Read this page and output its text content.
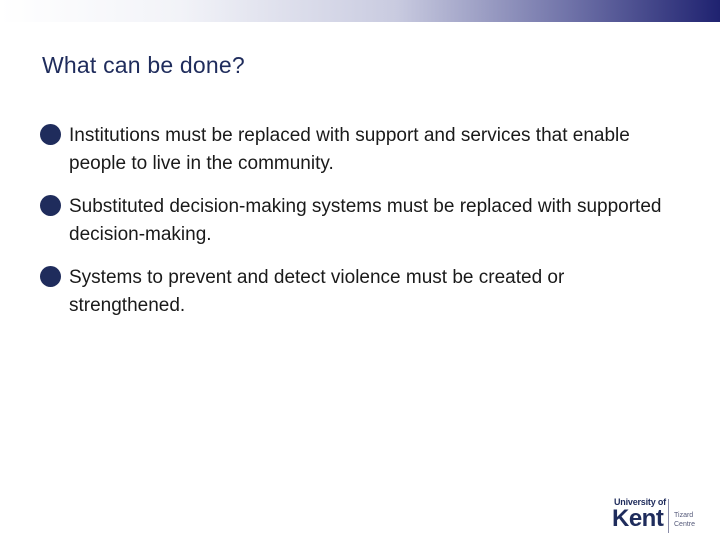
What can be done?
Institutions must be replaced with support and services that enable people to live in the community.
Substituted decision-making systems must be replaced with supported decision-making.
Systems to prevent and detect violence must be created or strengthened.
University of
Kent Tizard Centre
